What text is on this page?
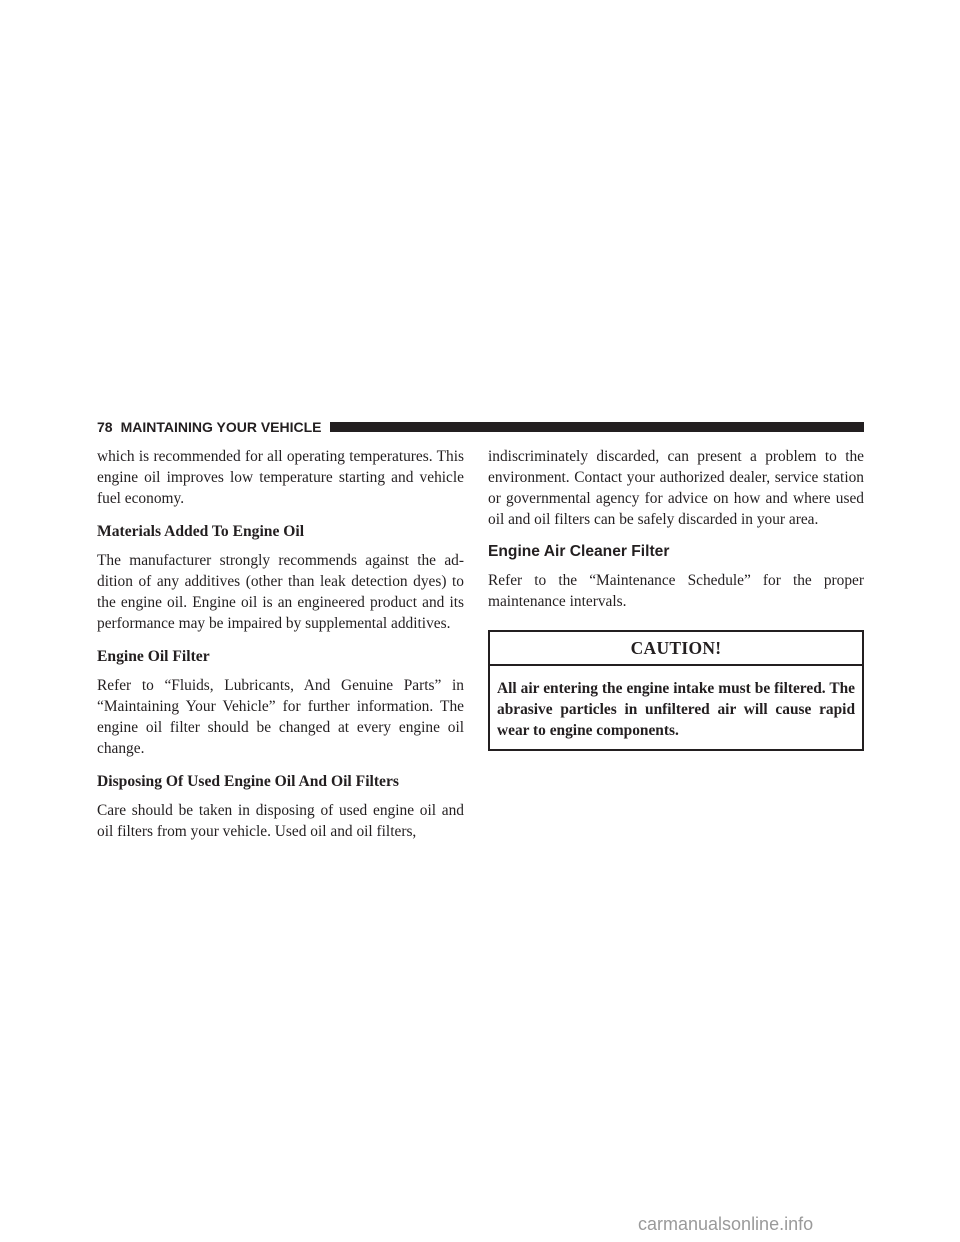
78 MAINTAINING YOUR VEHICLE

which is recommended for all operating temperatures. This engine oil improves low temperature starting and vehicle fuel economy.

Materials Added To Engine Oil

The manufacturer strongly recommends against the addition of any additives (other than leak detection dyes) to the engine oil. Engine oil is an engineered product and its performance may be impaired by supplemental additives.

Engine Oil Filter

Refer to “Fluids, Lubricants, And Genuine Parts” in “Maintaining Your Vehicle” for further information. The engine oil filter should be changed at every engine oil change.

Disposing Of Used Engine Oil And Oil Filters

Care should be taken in disposing of used engine oil and oil filters from your vehicle. Used oil and oil filters,

indiscriminately discarded, can present a problem to the environment. Contact your authorized dealer, service station or governmental agency for advice on how and where used oil and oil filters can be safely discarded in your area.

Engine Air Cleaner Filter

Refer to the “Maintenance Schedule” for the proper maintenance intervals.

CAUTION!
All air entering the engine intake must be filtered. The abrasive particles in unfiltered air will cause rapid wear to engine components.
carmanualsonline.info
